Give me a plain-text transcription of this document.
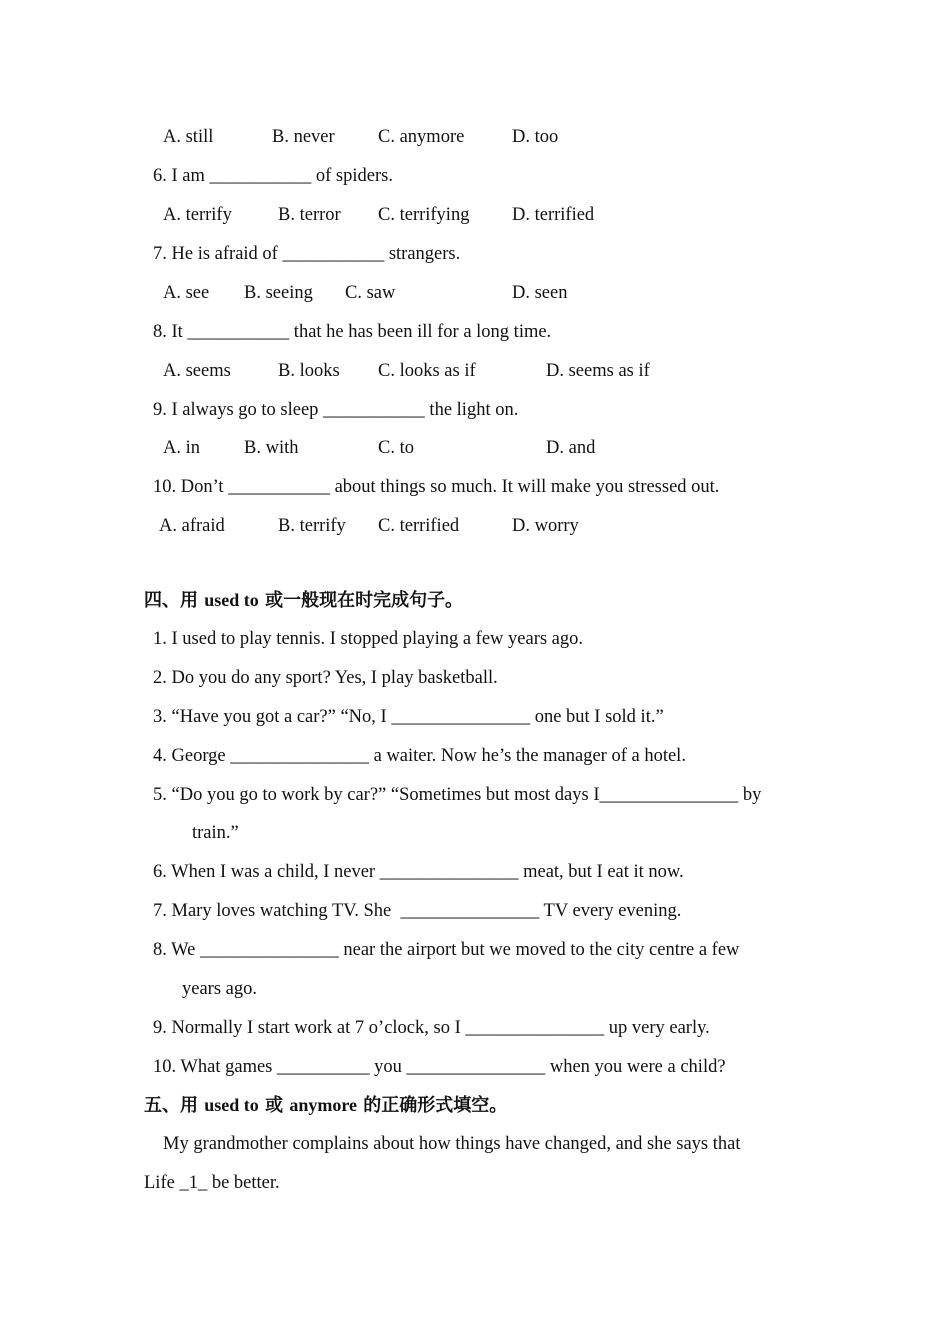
A. still	B. never C. anymore	D. too
6. I am ___________ of spiders.
A. terrify B. terror C. terrifying D. terrified
7. He is afraid of ___________ strangers.
A. see B. seeing C. saw	D. seen
8. It ___________ that he has been ill for a long time.
A. seems	B. looks C. looks as if	D. seems as if
9. I always go to sleep ___________ the light on.
A. in B. with	C. to	D. and
10. Don’t ___________ about things so much. It will make you stressed out.
A. afraid	B. terrify C. terrified	D. worry
四、用 used to 或一般现在时完成句子。
1. I used to play tennis. I stopped playing a few years ago.
2. Do you do any sport? Yes, I play basketball.
3. “Have you got a car?” “No, I _______________ one but I sold it.”
4. George _______________ a waiter. Now he’s the manager of a hotel.
5. “Do you go to work by car?” “Sometimes but most days I_______________ by
train.”
6. When I was a child, I never _______________ meat, but I eat it now.
7. Mary loves watching TV. She  _______________ TV every evening.
8. We _______________ near the airport but we moved to the city centre a few
years ago.
9. Normally I start work at 7 o’clock, so I _______________ up very early.
10. What games __________ you _______________ when you were a child?
五、用 used to 或 anymore 的正确形式填空。
My grandmother complains about how things have changed, and she says that
Life _1_ be better.
